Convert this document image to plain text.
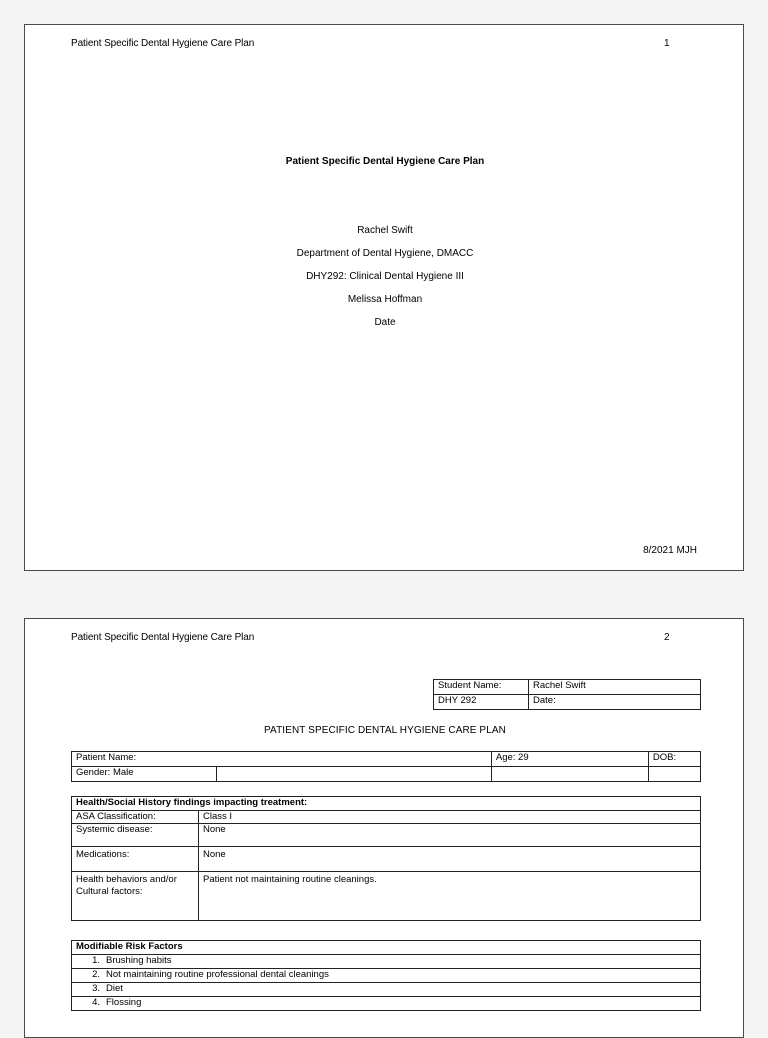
Patient Specific Dental Hygiene Care Plan	1
Patient Specific Dental Hygiene Care Plan
Rachel Swift
Department of Dental Hygiene, DMACC
DHY292: Clinical Dental Hygiene III
Melissa Hoffman
Date
8/2021 MJH
Patient Specific Dental Hygiene Care Plan	2
Student Name:	Rachel Swift
DHY 292	Date:
PATIENT SPECIFIC DENTAL HYGIENE CARE PLAN
Patient Name:		Age: 29	DOB:
Gender: Male			
Health/Social History findings impacting treatment:	
ASA Classification:	Class I
Systemic disease:	None
Medications:	None
Health behaviors and/or Cultural factors:	Patient not maintaining routine cleanings.
Modifiable Risk Factors
1. Brushing habits
2. Not maintaining routine professional dental cleanings
3. Diet
4. Flossing
